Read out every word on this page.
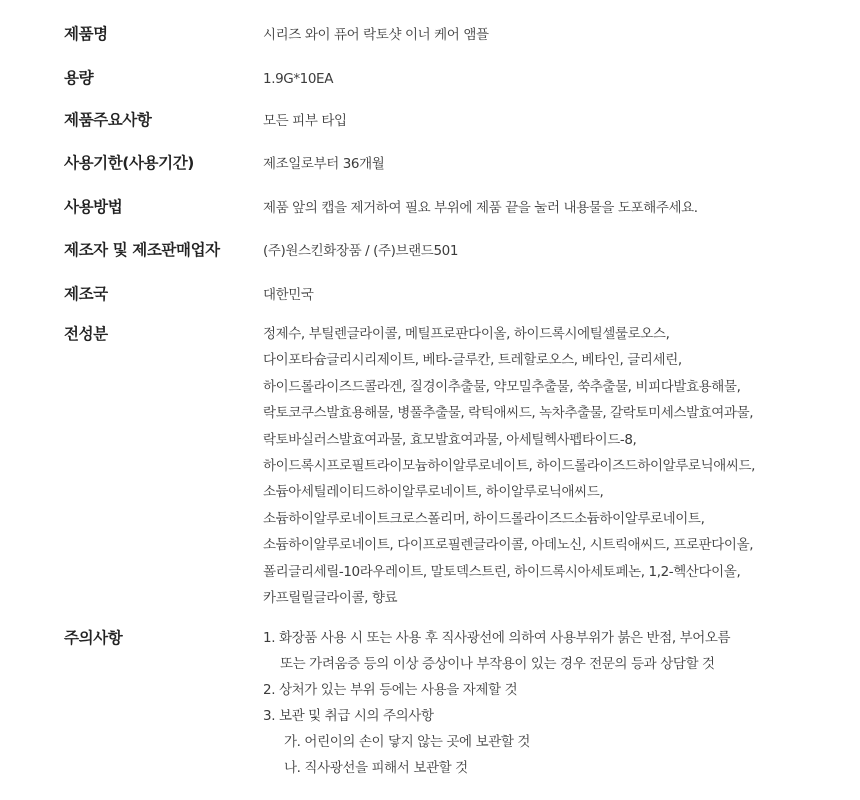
제품명	시리즈 와이 퓨어 락토샷 이너 케어 앰플
용량	1.9G*10EA
제품주요사항	모든 피부 타입
사용기한(사용기간)	제조일로부터 36개월
사용방법	제품 앞의 캡을 제거하여 필요 부위에 제품 끝을 눌러 내용물을 도포해주세요.
제조자 및 제조판매업자	(주)원스킨화장품 / (주)브랜드501
제조국	대한민국
전성분	정제수, 부틸렌글라이콜, 메틸프로판다이올, 하이드록시에틸셀룰로오스,
다이포타슘글리시리제이트, 베타-글루칸, 트레할로오스, 베타인, 글리세린,
하이드롤라이즈드콜라겐, 질경이추출물, 약모밀추출물, 쑥추출물, 비피다발효용해물,
락토코쿠스발효용해물, 병풀추출물, 락틱애씨드, 녹차추출물, 갈락토미세스발효여과물,
락토바실러스발효여과물, 효모발효여과물, 아세틸헥사펩타이드-8,
하이드록시프로필트라이모늄하이알루로네이트, 하이드롤라이즈드하이알루로닉애씨드,
소듐아세틸레이티드하이알루로네이트, 하이알루로닉애씨드,
소듐하이알루로네이트크로스폴리머, 하이드롤라이즈드소듐하이알루로네이트,
소듐하이알루로네이트, 다이프로필렌글라이콜, 아데노신, 시트릭애씨드, 프로판다이올,
폴리글리세릴-10라우레이트, 말토덱스트린, 하이드록시아세토페논, 1,2-헥산다이올,
카프릴릴글라이콜, 향료
주의사항	1. 화장품 사용 시 또는 사용 후 직사광선에 의하여 사용부위가 붉은 반점, 부어오름
또는 가려움증 등의 이상 증상이나 부작용이 있는 경우 전문의 등과 상담할 것
2. 상처가 있는 부위 등에는 사용을 자제할 것
3. 보관 및 취급 시의 주의사항
가. 어린이의 손이 닿지 않는 곳에 보관할 것
나. 직사광선을 피해서 보관할 것
